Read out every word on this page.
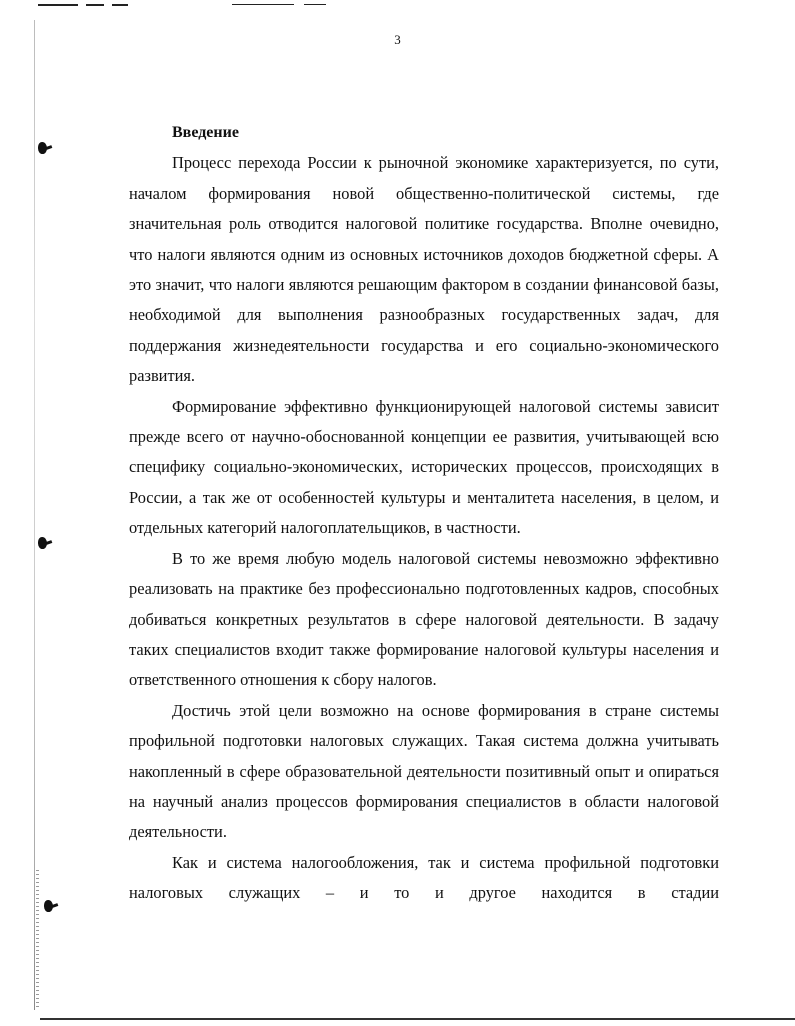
3
Введение

Процесс перехода России к рыночной экономике характеризуется, по сути, началом формирования новой общественно-политической системы, где значительная роль отводится налоговой политике государства. Вполне очевидно, что налоги являются одним из основных источников доходов бюджетной сферы. А это значит, что налоги являются решающим фактором в создании финансовой базы, необходимой для выполнения разнообразных государственных задач, для поддержания жизнедеятельности государства и его социально-экономического развития.

Формирование эффективно функционирующей налоговой системы зависит прежде всего от научно-обоснованной концепции ее развития, учитывающей всю специфику социально-экономических, исторических процессов, происходящих в России, а так же от особенностей культуры и менталитета населения, в целом, и отдельных категорий налогоплательщиков, в частности.

В то же время любую модель налоговой системы невозможно эффективно реализовать на практике без профессионально подготовленных кадров, способных добиваться конкретных результатов в сфере налоговой деятельности. В задачу таких специалистов входит также формирование налоговой культуры населения и ответственного отношения к сбору налогов.

Достичь этой цели возможно на основе формирования в стране системы профильной подготовки налоговых служащих. Такая система должна учитывать накопленный в сфере образовательной деятельности позитивный опыт и опираться на научный анализ процессов формирования специалистов в области налоговой деятельности.

Как и система налогообложения, так и система профильной подготовки налоговых служащих – и то и другое находится в стадии
